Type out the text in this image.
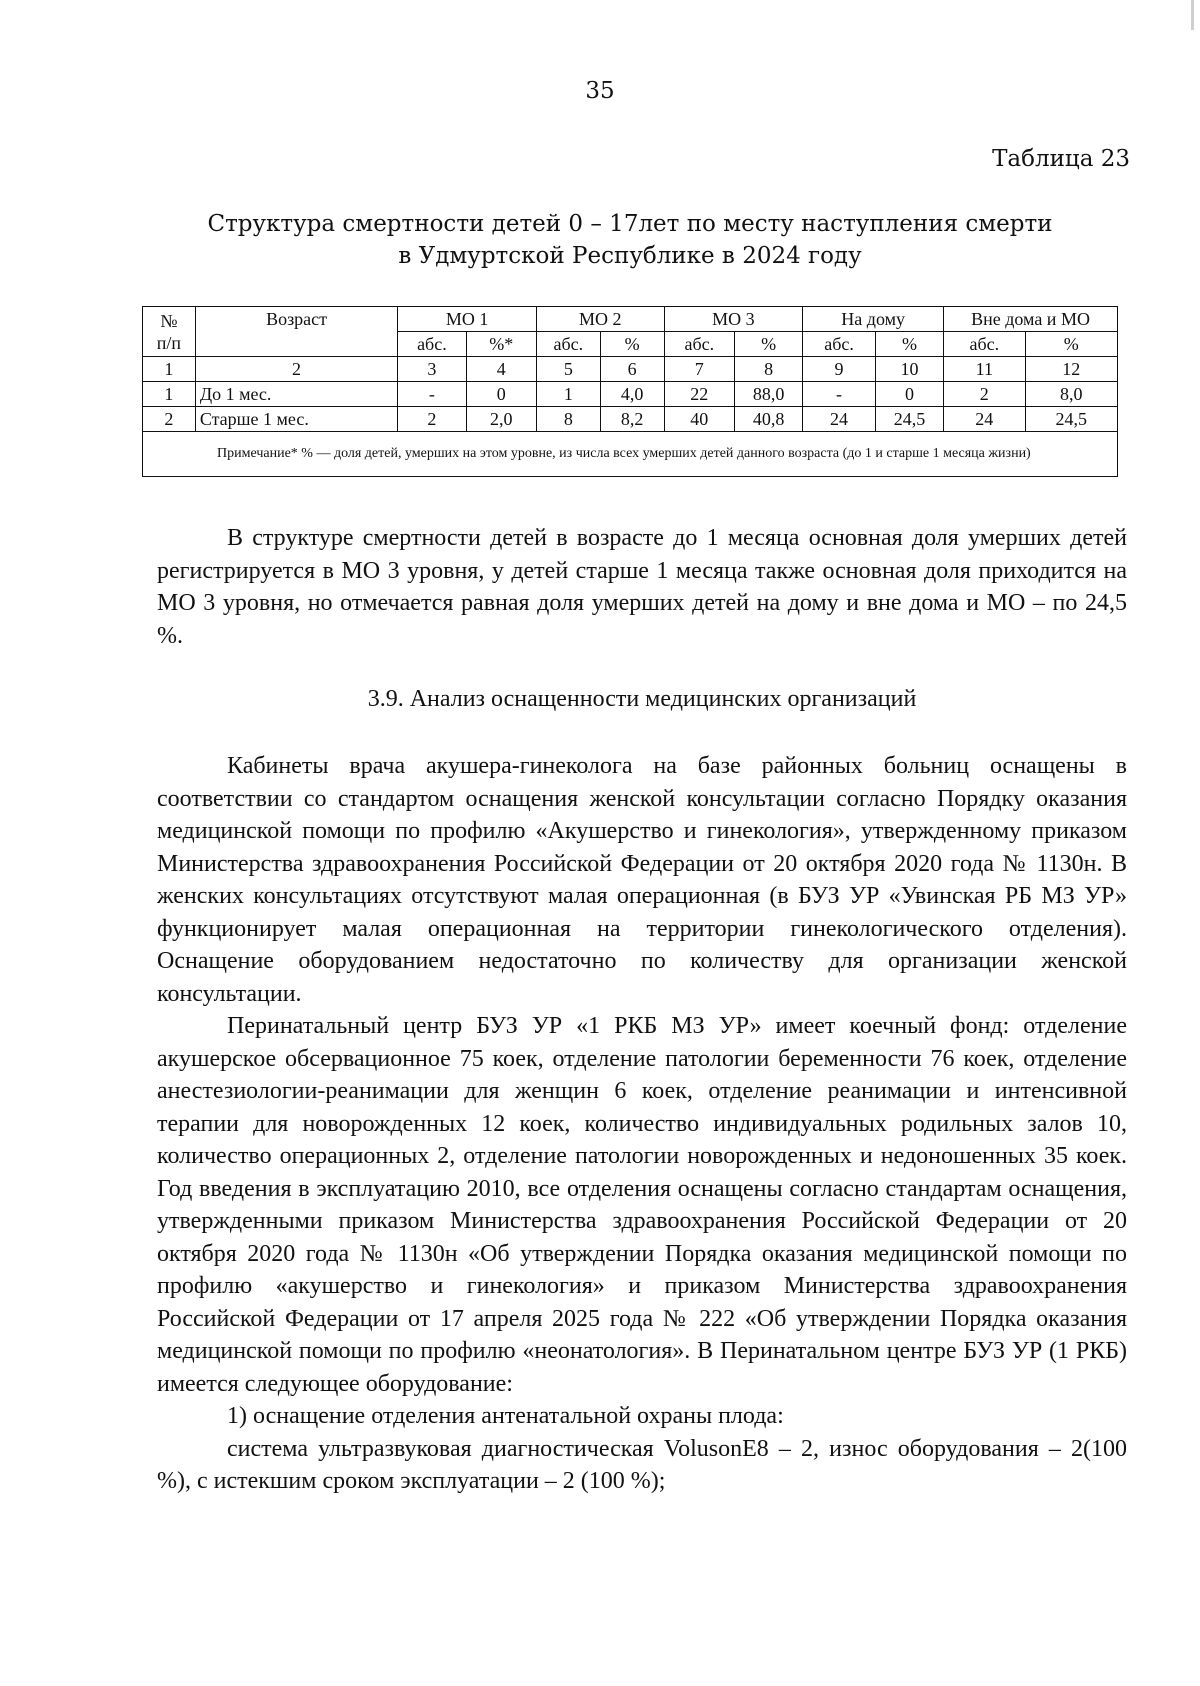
35
Таблица 23
Структура смертности детей 0 – 17лет по месту наступления смерти
в Удмуртской Республике в 2024 году
№
п/п	Возраст	МО 1		МО 2		МО 3		На дому		Вне дома и МО	
		абс.	%*	абс.	%	абс.	%	абс.	%	абс.	%
1	2	3	4	5	6	7	8	9	10	11	12
1	До 1 мес.	-	0	1	4,0	22	88,0	-	0	2	8,0
2	Старше 1 мес.	2	2,0	8	8,2	40	40,8	24	24,5	24	24,5
Примечание* % — доля детей, умерших на этом уровне, из числа всех умерших детей данного возраста (до 1 и старше 1 месяца жизни)											

В структуре смертности детей в возрасте до 1 месяца основная доля умерших детей регистрируется в МО 3 уровня, у детей старше 1 месяца также основная доля приходится на МО 3 уровня, но отмечается равная доля умерших детей на дому и вне дома и МО – по 24,5 %.

3.9. Анализ оснащенности медицинских организаций

Кабинеты врача акушера-гинеколога на базе районных больниц оснащены в соответствии со стандартом оснащения женской консультации согласно Порядку оказания медицинской помощи по профилю «Акушерство и гинекология», утвержденному приказом Министерства здравоохранения Российской Федерации от 20 октября 2020 года № 1130н. В женских консультациях отсутствуют малая операционная (в БУЗ УР «Увинская РБ МЗ УР» функционирует малая операционная на территории гинекологического отделения). Оснащение оборудованием недостаточно по количеству для организации женской консультации.

Перинатальный центр БУЗ УР «1 РКБ МЗ УР» имеет коечный фонд: отделение акушерское обсервационное 75 коек, отделение патологии беременности 76 коек, отделение анестезиологии-реанимации для женщин 6 коек, отделение реанимации и интенсивной терапии для новорожденных 12 коек, количество индивидуальных родильных залов 10, количество операционных 2, отделение патологии новорожденных и недоношенных 35 коек. Год введения в эксплуатацию 2010, все отделения оснащены согласно стандартам оснащения, утвержденными приказом Министерства здравоохранения Российской Федерации от 20 октября 2020 года № 1130н «Об утверждении Порядка оказания медицинской помощи по профилю «акушерство и гинекология» и приказом Министерства здравоохранения Российской Федерации от 17 апреля 2025 года № 222 «Об утверждении Порядка оказания медицинской помощи по профилю «неонатология». В Перинатальном центре БУЗ УР (1 РКБ) имеется следующее оборудование:

1) оснащение отделения антенатальной охраны плода:

система ультразвуковая диагностическая VolusonE8 – 2, износ оборудования – 2(100 %), с истекшим сроком эксплуатации – 2 (100 %);
